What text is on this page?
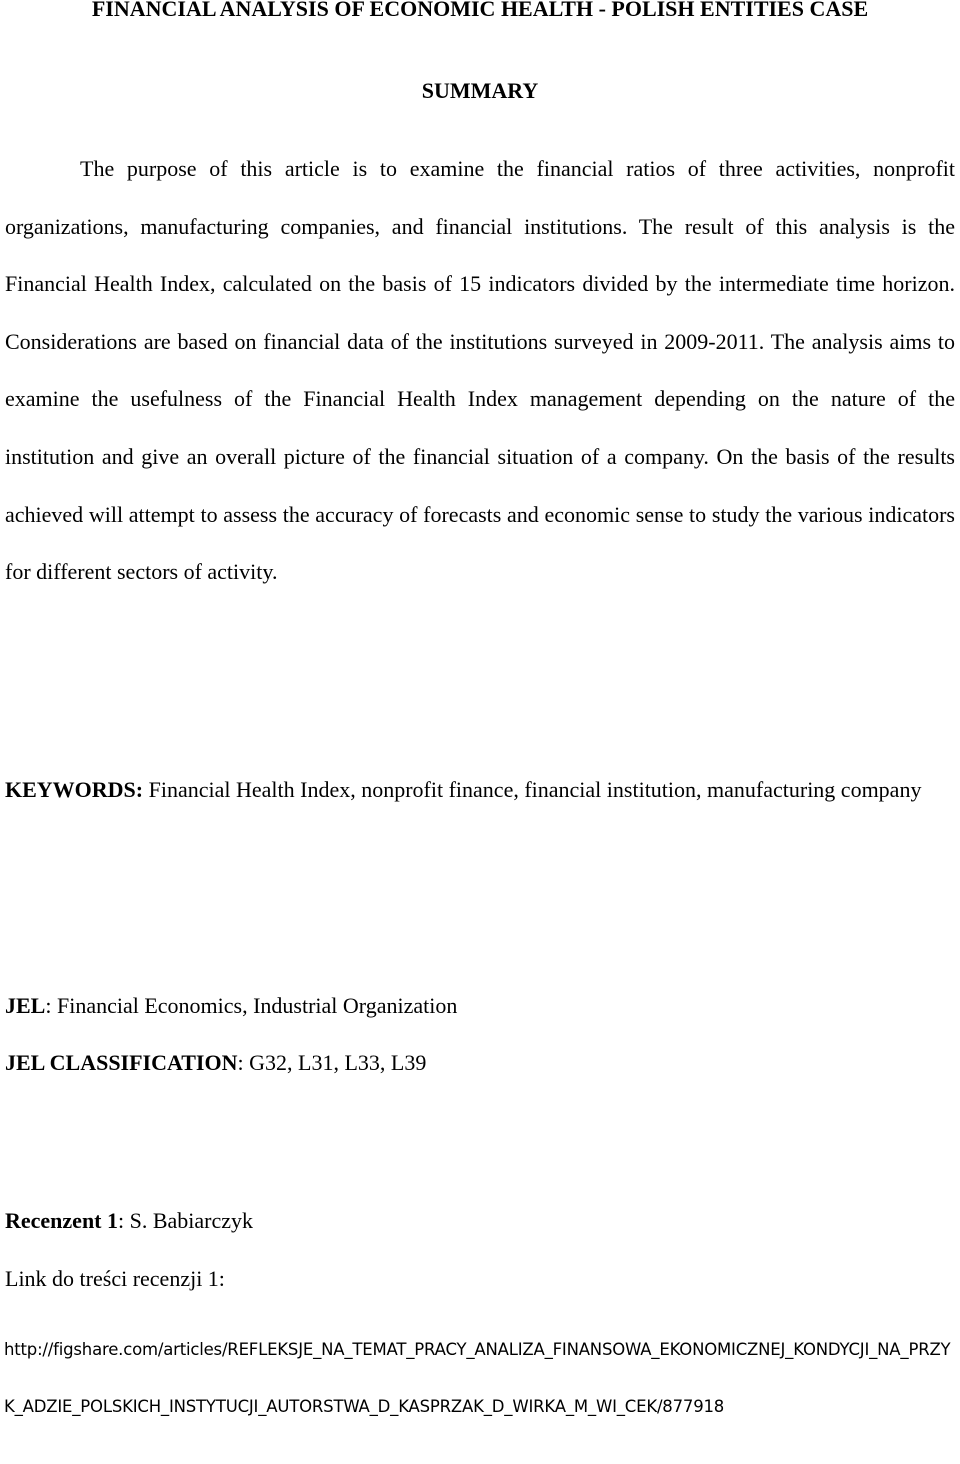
FINANCIAL ANALYSIS OF ECONOMIC HEALTH - POLISH ENTITIES CASE
SUMMARY

The purpose of this article is to examine the financial ratios of three activities, nonprofit organizations, manufacturing companies, and financial institutions. The result of this analysis is the Financial Health Index, calculated on the basis of 15 indicators divided by the intermediate time horizon. Considerations are based on financial data of the institutions surveyed in 2009-2011. The analysis aims to examine the usefulness of the Financial Health Index management depending on the nature of the institution and give an overall picture of the financial situation of a company. On the basis of the results achieved will attempt to assess the accuracy of forecasts and economic sense to study the various indicators for different sectors of activity.

KEYWORDS: Financial Health Index, nonprofit finance, financial institution, manufacturing company

JEL: Financial Economics, Industrial Organization
JEL CLASSIFICATION: G32, L31, L33, L39
Recenzent 1: S. Babiarczyk
Link do treści recenzji 1:

http://figshare.com/articles/REFLEKSJE_NA_TEMAT_PRACY_ANALIZA_FINANSOWA_EKONOMICZNEJ_KONDYCJI_NA_PRZYK_ADZIE_POLSKICH_INSTYTUCJI_AUTORSTWA_D_KASPRZAK_D_WIRKA_M_WI_CEK/877918
